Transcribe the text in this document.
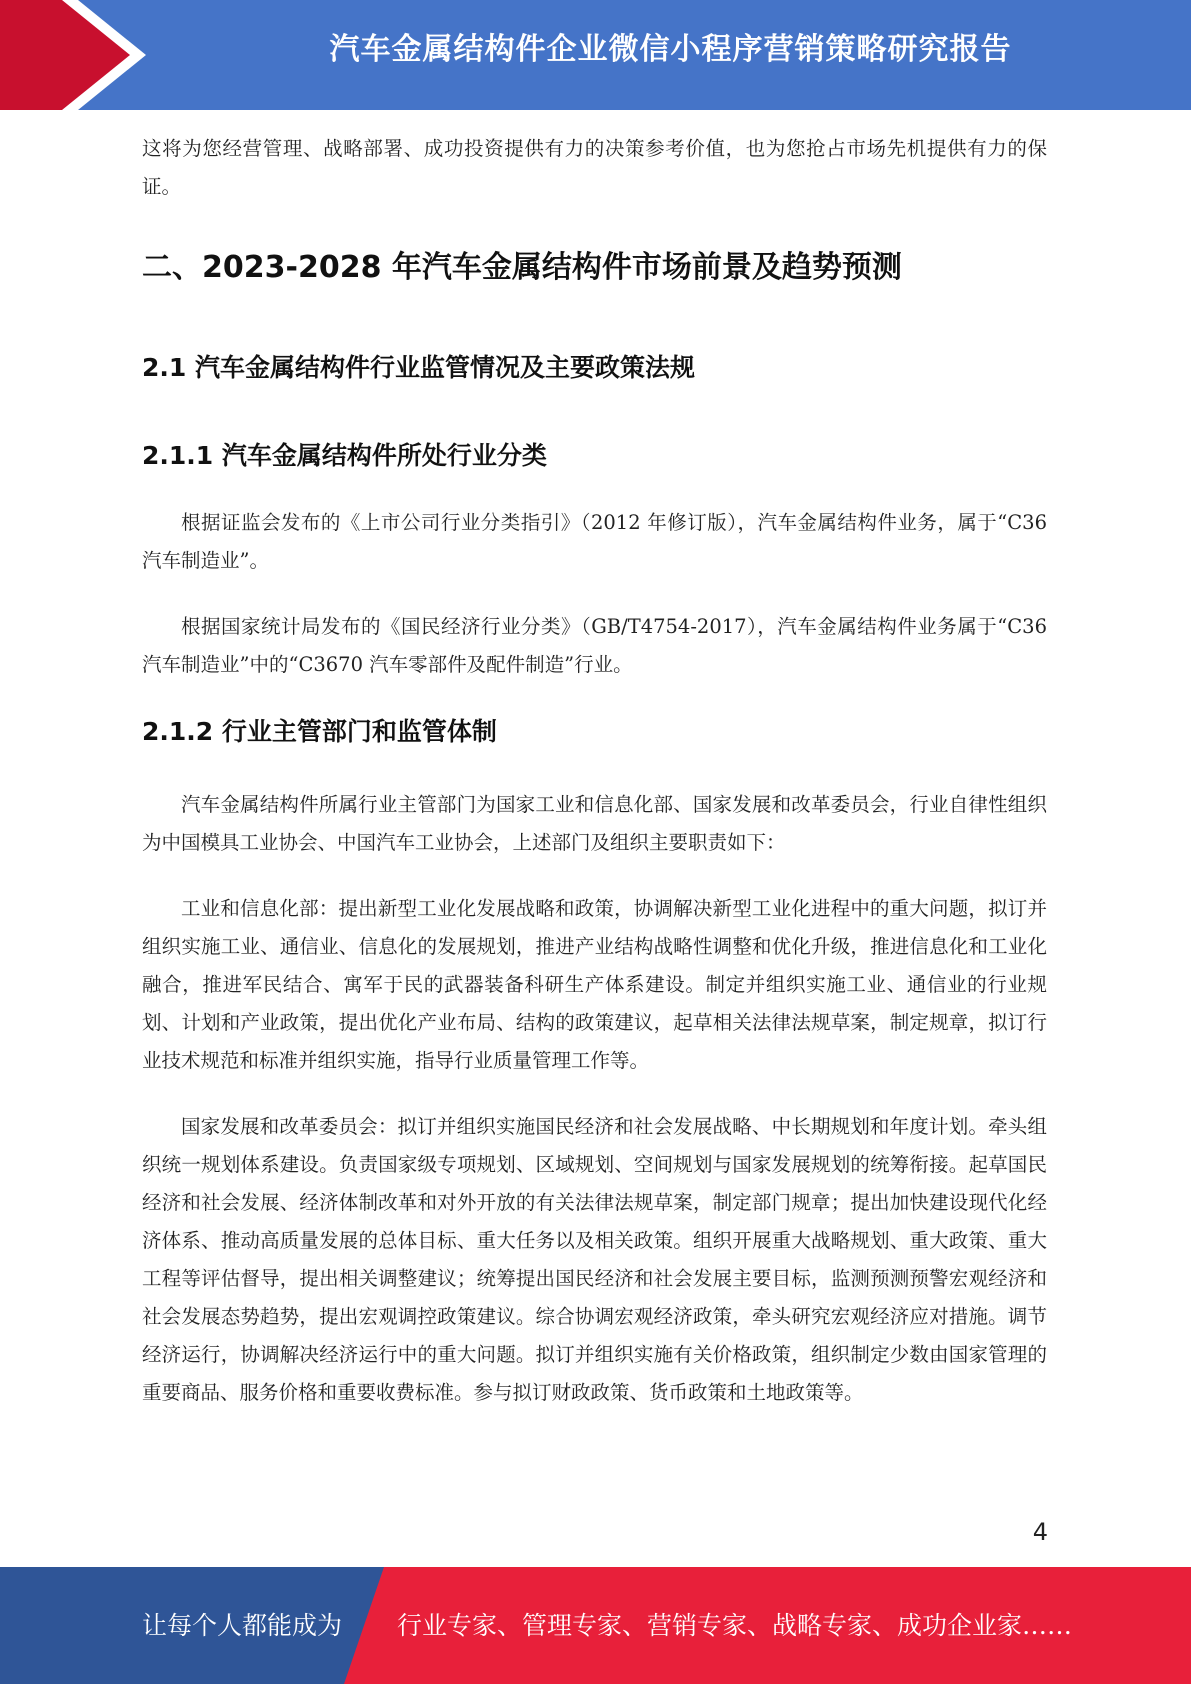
汽车金属结构件企业微信小程序营销策略研究报告

这将为您经营管理、战略部署、成功投资提供有力的决策参考价值，也为您抢占市场先机提供有力的保证。

二、2023-2028 年汽车金属结构件市场前景及趋势预测
2.1 汽车金属结构件行业监管情况及主要政策法规
2.1.1 汽车金属结构件所处行业分类

根据证监会发布的《上市公司行业分类指引》（2012 年修订版），汽车金属结构件业务，属于“C36 汽车制造业”。

根据国家统计局发布的《国民经济行业分类》（GB/T4754-2017），汽车金属结构件业务属于“C36 汽车制造业”中的“C3670 汽车零部件及配件制造”行业。

2.1.2 行业主管部门和监管体制

汽车金属结构件所属行业主管部门为国家工业和信息化部、国家发展和改革委员会，行业自律性组织为中国模具工业协会、中国汽车工业协会，上述部门及组织主要职责如下：

工业和信息化部：提出新型工业化发展战略和政策，协调解决新型工业化进程中的重大问题，拟订并组织实施工业、通信业、信息化的发展规划，推进产业结构战略性调整和优化升级，推进信息化和工业化融合，推进军民结合、寓军于民的武器装备科研生产体系建设。制定并组织实施工业、通信业的行业规划、计划和产业政策，提出优化产业布局、结构的政策建议，起草相关法律法规草案，制定规章，拟订行业技术规范和标准并组织实施，指导行业质量管理工作等。

国家发展和改革委员会：拟订并组织实施国民经济和社会发展战略、中长期规划和年度计划。牵头组织统一规划体系建设。负责国家级专项规划、区域规划、空间规划与国家发展规划的统筹衔接。起草国民经济和社会发展、经济体制改革和对外开放的有关法律法规草案，制定部门规章；提出加快建设现代化经济体系、推动高质量发展的总体目标、重大任务以及相关政策。组织开展重大战略规划、重大政策、重大工程等评估督导，提出相关调整建议；统筹提出国民经济和社会发展主要目标，监测预测预警宏观经济和社会发展态势趋势，提出宏观调控政策建议。综合协调宏观经济政策，牵头研究宏观经济应对措施。调节经济运行，协调解决经济运行中的重大问题。拟订并组织实施有关价格政策，组织制定少数由国家管理的重要商品、服务价格和重要收费标准。参与拟订财政政策、货币政策和土地政策等。

4
让每个人都能成为 行业专家、管理专家、营销专家、战略专家、成功企业家……
